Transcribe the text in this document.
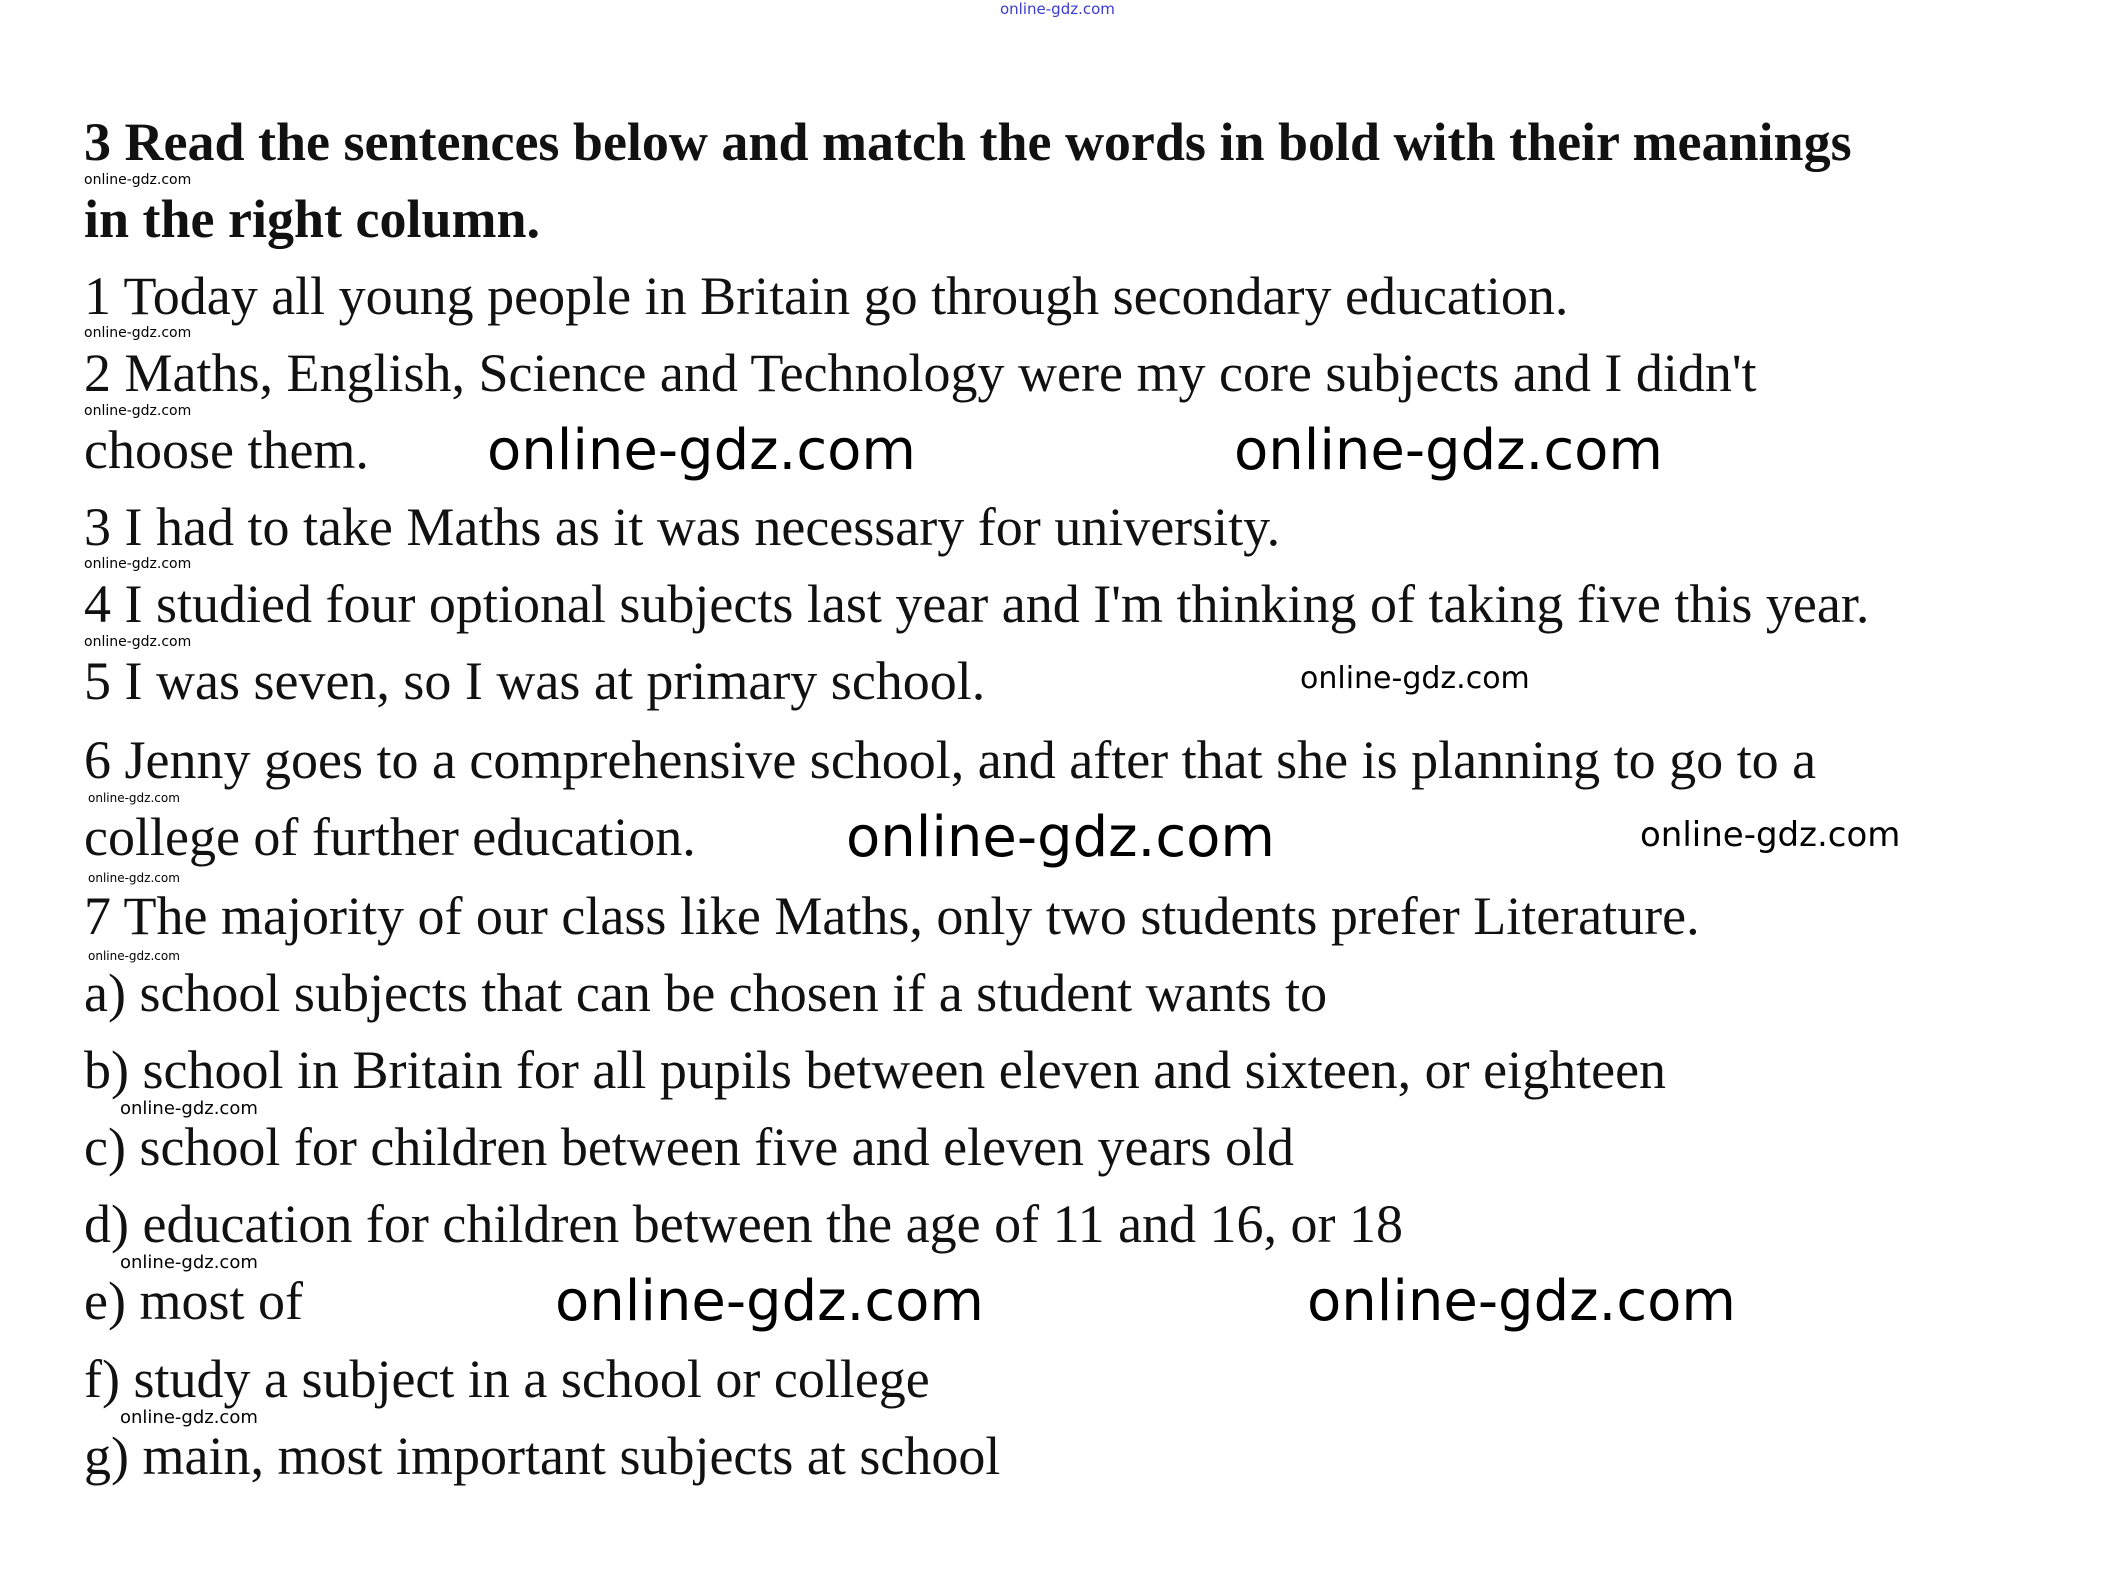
online-gdz.com
3 Read the sentences below and match the words in bold with their meanings
in the right column.
1 Today all young people in Britain go through secondary education.
2 Maths, English, Science and Technology were my core subjects and I didn't
choose them.
3 I had to take Maths as it was necessary for university.
4 I studied four optional subjects last year and I'm thinking of taking five this year.
5 I was seven, so I was at primary school.
6 Jenny goes to a comprehensive school, and after that she is planning to go to a
college of further education.
7 The majority of our class like Maths, only two students prefer Literature.
a) school subjects that can be chosen if a student wants to
b) school in Britain for all pupils between eleven and sixteen, or eighteen
c) school for children between five and eleven years old
d) education for children between the age of 11 and 16, or 18
e) most of
f) study a subject in a school or college
g) main, most important subjects at school
online-gdz.com
online-gdz.com
online-gdz.com
online-gdz.com
online-gdz.com
online-gdz.com
online-gdz.com
online-gdz.com
online-gdz.com
online-gdz.com
online-gdz.com
online-gdz.com
online-gdz.com
online-gdz.com	online-gdz.com
online-gdz.com
online-gdz.com	online-gdz.com
